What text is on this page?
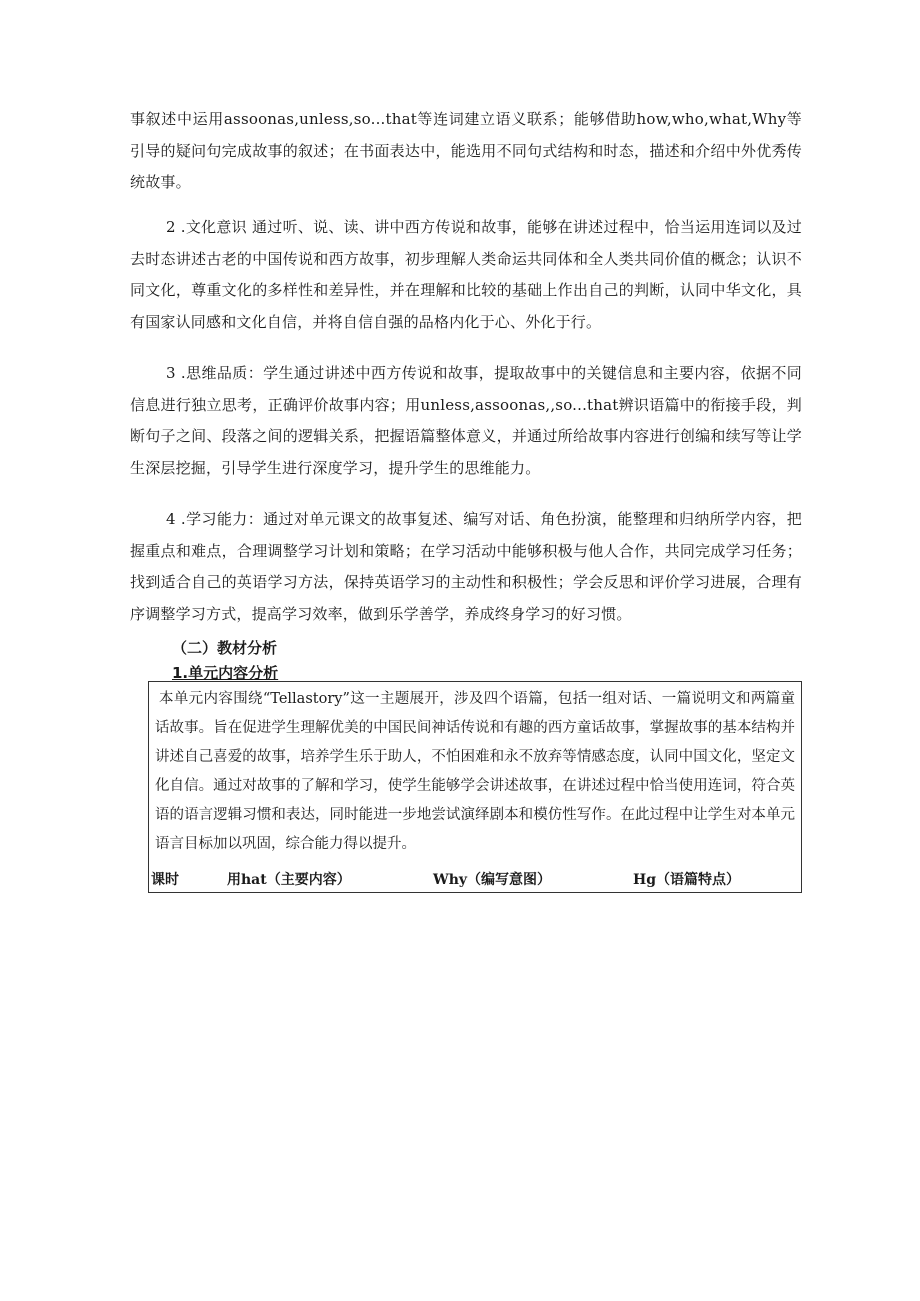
事叙述中运用assoonas,unless,so...that等连词建立语义联系；能够借助how,who,what,Why等引导的疑问句完成故事的叙述；在书面表达中，能选用不同句式结构和时态，描述和介绍中外优秀传统故事。

2 .文化意识 通过听、说、读、讲中西方传说和故事，能够在讲述过程中，恰当运用连词以及过去时态讲述古老的中国传说和西方故事，初步理解人类命运共同体和全人类共同价值的概念；认识不同文化，尊重文化的多样性和差异性，并在理解和比较的基础上作出自己的判断，认同中华文化，具有国家认同感和文化自信，并将自信自强的品格内化于心、外化于行。

3 .思维品质：学生通过讲述中西方传说和故事，提取故事中的关键信息和主要内容，依据不同信息进行独立思考，正确评价故事内容；用unless,assoonas,,so...that辨识语篇中的衔接手段，判断句子之间、段落之间的逻辑关系，把握语篇整体意义，并通过所给故事内容进行创编和续写等让学生深层挖掘，引导学生进行深度学习，提升学生的思维能力。

4 .学习能力：通过对单元课文的故事复述、编写对话、角色扮演，能整理和归纳所学内容，把握重点和难点，合理调整学习计划和策略；在学习活动中能够积极与他人合作，共同完成学习任务；找到适合自己的英语学习方法，保持英语学习的主动性和积极性；学会反思和评价学习进展，合理有序调整学习方式，提高学习效率，做到乐学善学，养成终身学习的好习惯。

（二）教材分析

1.单元内容分析

本单元内容围绕“Tellastory”这一主题展开，涉及四个语篇，包括一组对话、一篇说明文和两篇童话故事。旨在促进学生理解优美的中国民间神话传说和有趣的西方童话故事，掌握故事的基本结构并讲述自己喜爱的故事，培养学生乐于助人，不怕困难和永不放弃等情感态度，认同中国文化，坚定文化自信。通过对故事的了解和学习，使学生能够学会讲述故事，在讲述过程中恰当使用连词，符合英语的语言逻辑习惯和表达，同时能进一步地尝试演绎剧本和模仿性写作。在此过程中让学生对本单元语言目标加以巩固，综合能力得以提升。

课时	用hat（主要内容）	Why（编写意图）	Hg（语篇特点）
